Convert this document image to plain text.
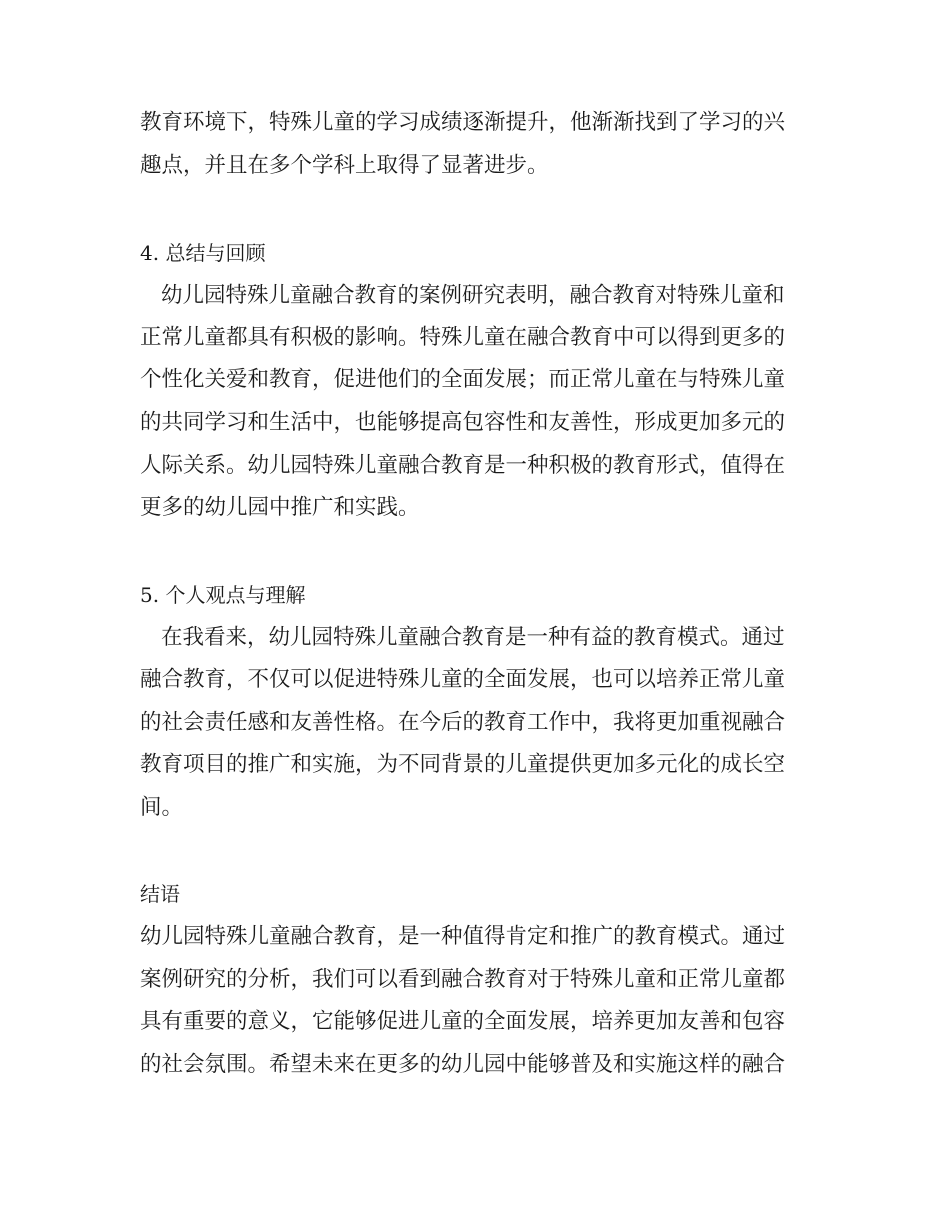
教育环境下，特殊儿童的学习成绩逐渐提升，他渐渐找到了学习的兴
趣点，并且在多个学科上取得了显著进步。
4. 总结与回顾
幼儿园特殊儿童融合教育的案例研究表明，融合教育对特殊儿童和
正常儿童都具有积极的影响。特殊儿童在融合教育中可以得到更多的
个性化关爱和教育，促进他们的全面发展；而正常儿童在与特殊儿童
的共同学习和生活中，也能够提高包容性和友善性，形成更加多元的
人际关系。幼儿园特殊儿童融合教育是一种积极的教育形式，值得在
更多的幼儿园中推广和实践。
5. 个人观点与理解
在我看来，幼儿园特殊儿童融合教育是一种有益的教育模式。通过
融合教育，不仅可以促进特殊儿童的全面发展，也可以培养正常儿童
的社会责任感和友善性格。在今后的教育工作中，我将更加重视融合
教育项目的推广和实施，为不同背景的儿童提供更加多元化的成长空
间。
结语
幼儿园特殊儿童融合教育，是一种值得肯定和推广的教育模式。通过
案例研究的分析，我们可以看到融合教育对于特殊儿童和正常儿童都
具有重要的意义，它能够促进儿童的全面发展，培养更加友善和包容
的社会氛围。希望未来在更多的幼儿园中能够普及和实施这样的融合
